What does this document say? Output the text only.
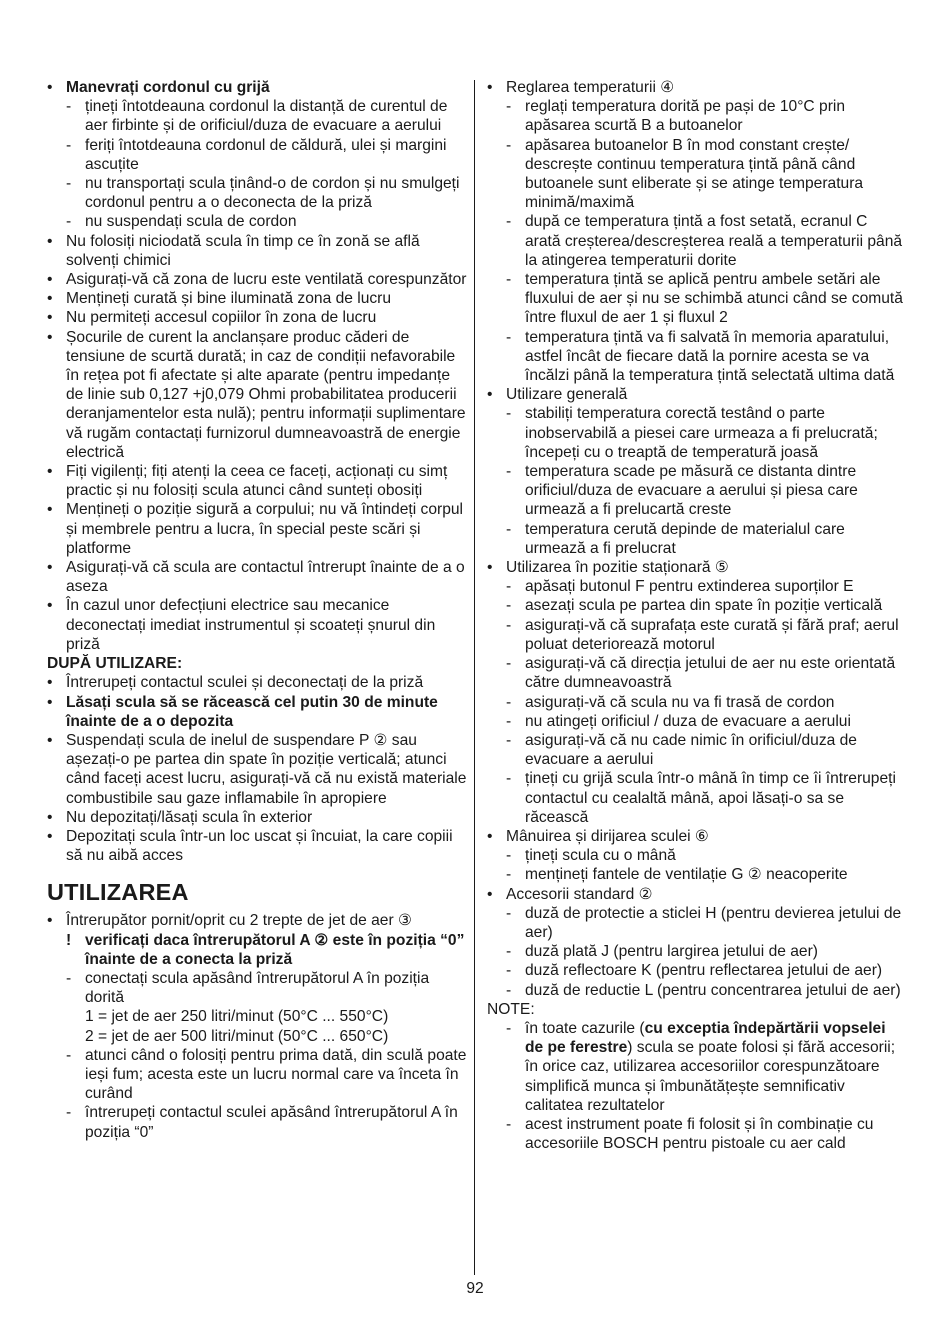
• Manevrați cordonul cu grijă
- țineți întotdeauna cordonul la distanță de curentul de aer firbinte și de orificiul/duza de evacuare a aerului
- feriți întotdeauna cordonul de căldură, ulei și margini ascuțite
- nu transportați scula ținând-o de cordon și nu smulgeți cordonul pentru a o deconecta de la priză
- nu suspendați scula de cordon
• Nu folosiți niciodată scula în timp ce în zonă se află solvenți chimici
• Asigurați-vă că zona de lucru este ventilată corespunzător
• Mențineți curată și bine iluminată zona de lucru
• Nu permiteți accesul copiilor în zona de lucru
• Șocurile de curent la anclanșare produc căderi de tensiune de scurtă durată; in caz de condiții nefavorabile în rețea pot fi afectate și alte aparate (pentru impedanțe de linie sub 0,127 +j0,079 Ohmi probabilitatea producerii deranjamentelor esta nulă); pentru informații suplimentare vă rugăm contactați furnizorul dumneavoastră de energie electrică
• Fiți vigilenți; fiți atenți la ceea ce faceți, acționați cu simț practic și nu folosiți scula atunci când sunteți obosiți
• Mențineți o poziție sigură a corpului; nu vă întindeți corpul și membrele pentru a lucra, în special peste scări și platforme
• Asigurați-vă că scula are contactul întrerupt înainte de a o aseza
• În cazul unor defecțiuni electrice sau mecanice deconectați imediat instrumentul și scoateți șnurul din priză
DUPĂ UTILIZARE:
• Întrerupeți contactul sculei și deconectați de la priză
• Lăsați scula să se răcească cel putin 30 de minute înainte de a o depozita
• Suspendați scula de inelul de suspendare P ② sau așezați-o pe partea din spate în poziție verticală; atunci când faceți acest lucru, asigurați-vă că nu există materiale combustibile sau gaze inflamabile în apropiere
• Nu depozitați/lăsați scula în exterior
• Depozitați scula într-un loc uscat și încuiat, la care copiii să nu aibă acces
UTILIZAREA
• Întrerupător pornit/oprit cu 2 trepte de jet de aer ③
! verificați daca întrerupătorul A ② este în poziția “0” înainte de a conecta la priză
- conectați scula apăsând întrerupătorul A în poziția dorită
1 = jet de aer 250 litri/minut (50°C ... 550°C)
2 = jet de aer 500 litri/minut (50°C ... 650°C)
- atunci când o folosiți pentru prima dată, din sculă poate ieși fum; acesta este un lucru normal care va înceta în curând
- întrerupeți contactul sculei apăsând întrerupătorul A în poziția “0”
• Reglarea temperaturii ④
- reglați temperatura dorită pe pași de 10°C prin apăsarea scurtă B a butoanelor
- apăsarea butoanelor B în mod constant crește/ descrește continuu temperatura țintă până când butoanele sunt eliberate și se atinge temperatura minimă/maximă
- după ce temperatura țintă a fost setată, ecranul C arată creșterea/descreșterea reală a temperaturii până la atingerea temperaturii dorite
- temperatura țintă se aplică pentru ambele setări ale fluxului de aer și nu se schimbă atunci când se comută între fluxul de aer 1 și fluxul 2
- temperatura țintă va fi salvată în memoria aparatului, astfel încât de fiecare dată la pornire acesta se va încălzi până la temperatura țintă selectată ultima dată
• Utilizare generală
- stabiliți temperatura corectă testând o parte inobservabilă a piesei care urmeaza a fi prelucrată; începeți cu o treaptă de temperatură joasă
- temperatura scade pe măsură ce distanta dintre orificiul/duza de evacuare a aerului și piesa care urmează a fi prelucartă creste
- temperatura cerută depinde de materialul care urmează a fi prelucrat
• Utilizarea în pozitie staționară ⑤
- apăsați butonul F pentru extinderea suporților E
- asezați scula pe partea din spate în poziție verticală
- asigurați-vă că suprafața este curată și fără praf; aerul poluat deteriorează motorul
- asigurați-vă că direcția jetului de aer nu este orientată către dumneavoastră
- asigurați-vă că scula nu va fi trasă de cordon
- nu atingeți orificiul / duza de evacuare a aerului
- asigurați-vă că nu cade nimic în orificiul/duza de evacuare a aerului
- țineți cu grijă scula într-o mână în timp ce îi întrerupeți contactul cu cealaltă mână, apoi lăsați-o sa se răcească
• Mânuirea și dirijarea sculei ⑥
- țineți scula cu o mână
- mențineți fantele de ventilație G ② neacoperite
• Accesorii standard ②
- duză de protectie a sticlei H (pentru devierea jetului de aer)
- duză plată J (pentru largirea jetului de aer)
- duză reflectoare K (pentru reflectarea jetului de aer)
- duză de reductie L (pentru concentrarea jetului de aer)
NOTE:
- în toate cazurile (cu exceptia îndepărtării vopselei de pe ferestre) scula se poate folosi și fără accesorii; în orice caz, utilizarea accesoriilor corespunzătoare simplifică munca și îmbunătățește semnificativ calitatea rezultatelor
- acest instrument poate fi folosit și în combinație cu accesoriile BOSCH pentru pistoale cu aer cald
92
